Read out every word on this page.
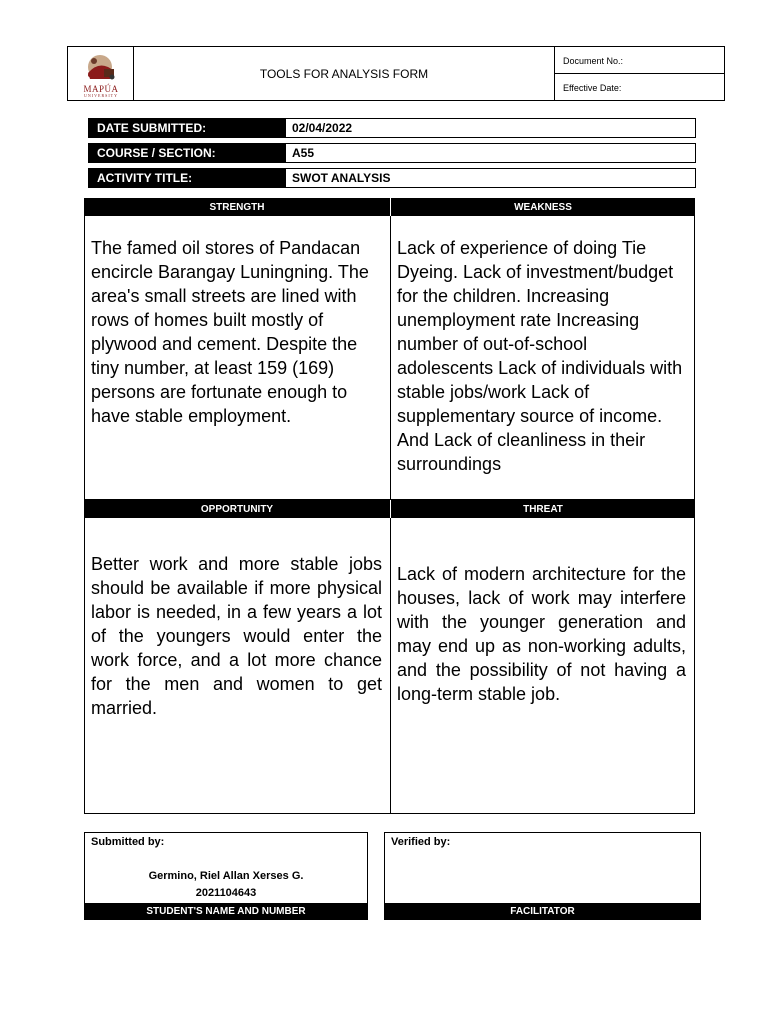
MAPÚA
UNIVERSITY
TOOLS FOR ANALYSIS FORM
Document No.:
Effective Date:
DATE SUBMITTED:	02/04/2022
COURSE / SECTION:	A55
ACTIVITY TITLE:	SWOT ANALYSIS
STRENGTH	WEAKNESS
The famed oil stores of Pandacan encircle Barangay Luningning. The area's small streets are lined with rows of homes built mostly of plywood and cement. Despite the tiny number, at least 159 (169) persons are fortunate enough to have stable employment.
Lack of experience of doing Tie Dyeing. Lack of investment/budget for the children. Increasing unemployment rate Increasing number of out-of-school adolescents Lack of individuals with stable jobs/work Lack of supplementary source of income. And Lack of cleanliness in their surroundings
OPPORTUNITY	THREAT
Better work and more stable jobs should be available if more physical labor is needed, in a few years a lot of the youngers would enter the work force, and a lot more chance for the men and women to get married.
Lack of modern architecture for the houses, lack of work may interfere with the younger generation and may end up as non-working adults, and the possibility of not having a long-term stable job.
Submitted by:
Germino, Riel Allan Xerses G.
2021104643
STUDENT'S NAME AND NUMBER
Verified by:
FACILITATOR
